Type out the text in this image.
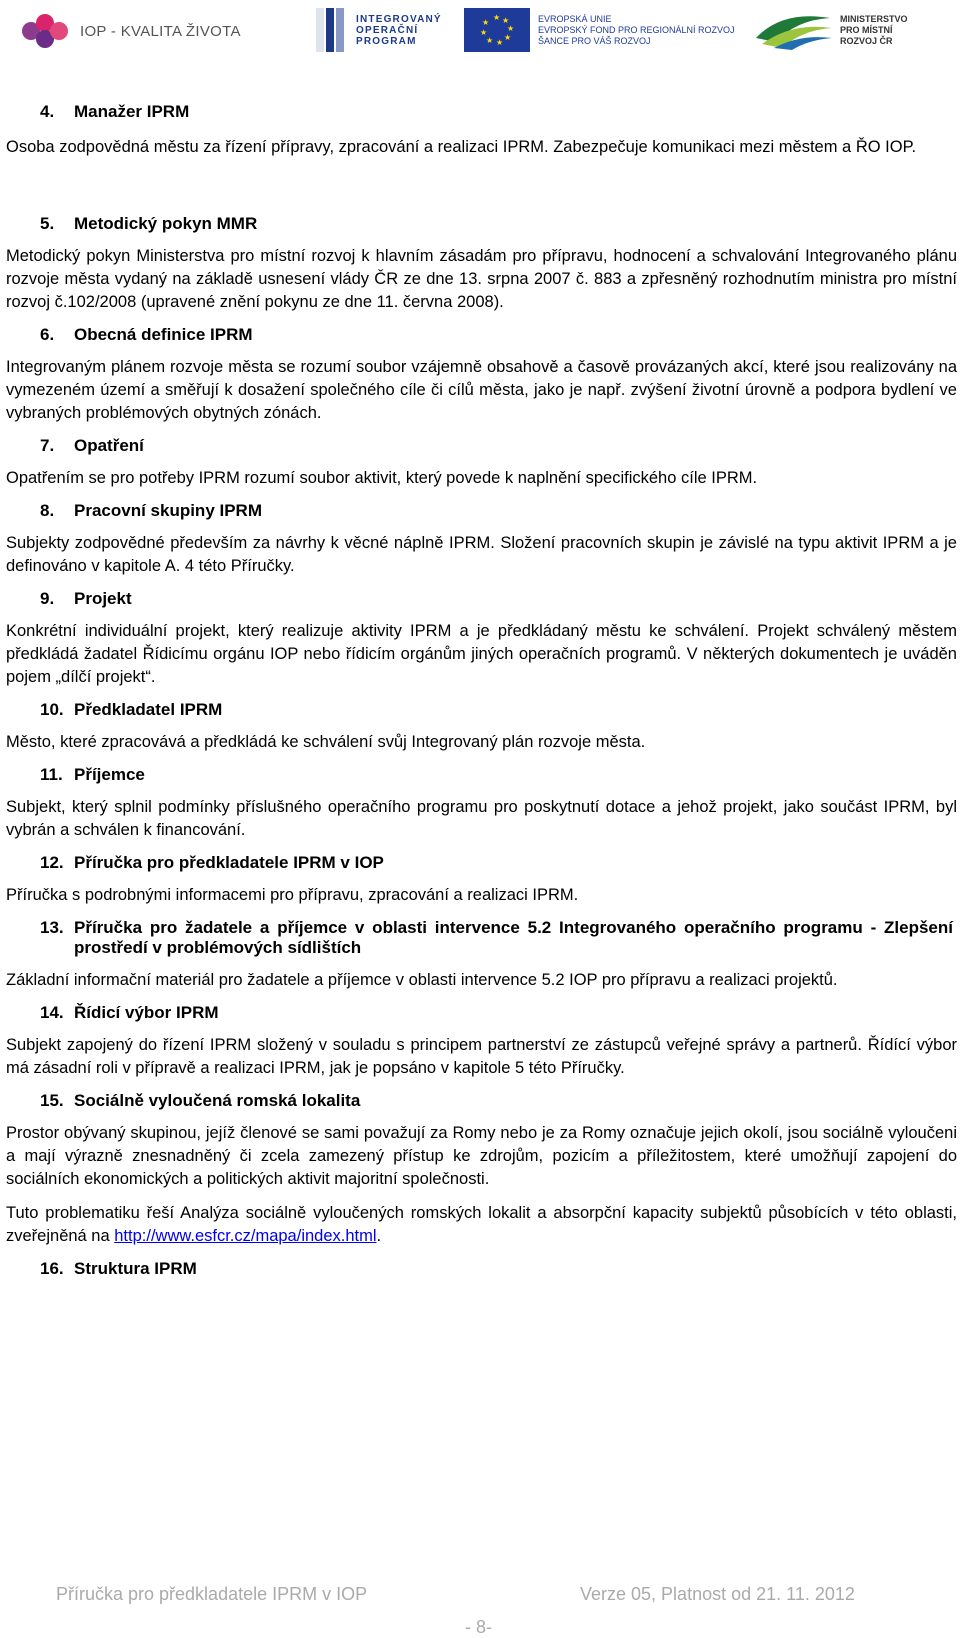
IOP - KVALITA ŽIVOTA
INTEGROVANÝ
OPERAČNÍ
PROGRAM
★ ★
★
★
★
★
★
★	EVROPSKÁ UNIE
EVROPSKÝ FOND PRO REGIONÁLNÍ ROZVOJ
ŠANCE PRO VÁŠ ROZVOJ
MINISTERSTVO
PRO MÍSTNÍ
ROZVOJ ČR
4.	Manažer IPRM

Osoba zodpovědná městu za řízení přípravy, zpracování a realizaci IPRM. Zabezpečuje komunikaci mezi městem a ŘO IOP.

5.	Metodický pokyn MMR

Metodický pokyn Ministerstva pro místní rozvoj k hlavním zásadám pro přípravu, hodnocení a schvalování Integrovaného plánu rozvoje města vydaný na základě usnesení vlády ČR ze dne 13. srpna 2007 č. 883 a zpřesněný rozhodnutím ministra pro místní rozvoj č.102/2008 (upravené znění pokynu ze dne 11. června 2008).

6.	Obecná definice IPRM

Integrovaným plánem rozvoje města se rozumí soubor vzájemně obsahově a časově provázaných akcí, které jsou realizovány na vymezeném území a směřují k dosažení společného cíle či cílů města, jako je např. zvýšení životní úrovně a podpora bydlení ve vybraných problémových obytných zónách.

7.	Opatření

Opatřením se pro potřeby IPRM rozumí soubor aktivit, který povede k naplnění specifického cíle IPRM.

8.	Pracovní skupiny IPRM

Subjekty zodpovědné především za návrhy k věcné náplně IPRM. Složení pracovních skupin je závislé na typu aktivit IPRM a je definováno v kapitole A. 4 této Příručky.

9.	Projekt

Konkrétní individuální projekt, který realizuje aktivity IPRM a je předkládaný městu ke schválení. Projekt schválený městem předkládá žadatel Řídicímu orgánu IOP nebo řídicím orgánům jiných operačních programů. V některých dokumentech je uváděn pojem „dílčí projekt“.

10. Předkladatel IPRM

Město, které zpracovává a předkládá ke schválení svůj Integrovaný plán rozvoje města.

11. Příjemce

Subjekt, který splnil podmínky příslušného operačního programu pro poskytnutí dotace a jehož projekt, jako součást IPRM, byl vybrán a schválen k financování.

12. Příručka pro předkladatele IPRM v IOP

Příručka s podrobnými informacemi pro přípravu, zpracování a realizaci IPRM.

13. Příručka pro žadatele a příjemce v oblasti intervence 5.2 Integrovaného operačního programu - Zlepšení prostředí v problémových sídlištích

Základní informační materiál pro žadatele a příjemce v oblasti intervence 5.2 IOP pro přípravu a realizaci projektů.

14. Řídicí výbor IPRM

Subjekt zapojený do řízení IPRM složený v souladu s principem partnerství ze zástupců veřejné správy a partnerů. Řídící výbor má zásadní roli v přípravě a realizaci IPRM, jak je popsáno v kapitole 5 této Příručky.

15. Sociálně vyloučená romská lokalita

Prostor obývaný skupinou, jejíž členové se sami považují za Romy nebo je za Romy označuje jejich okolí, jsou sociálně vyloučeni a mají výrazně znesnadněný či zcela zamezený přístup ke zdrojům, pozicím a příležitostem, které umožňují zapojení do sociálních ekonomických a politických aktivit majoritní společnosti.

Tuto problematiku řeší Analýza sociálně vyloučených romských lokalit a absorpční kapacity subjektů působících v této oblasti, zveřejněná na http://www.esfcr.cz/mapa/index.html.

16. Struktura IPRM
Příručka pro předkladatele IPRM v IOP	Verze 05, Platnost od 21. 11. 2012
- 8-
